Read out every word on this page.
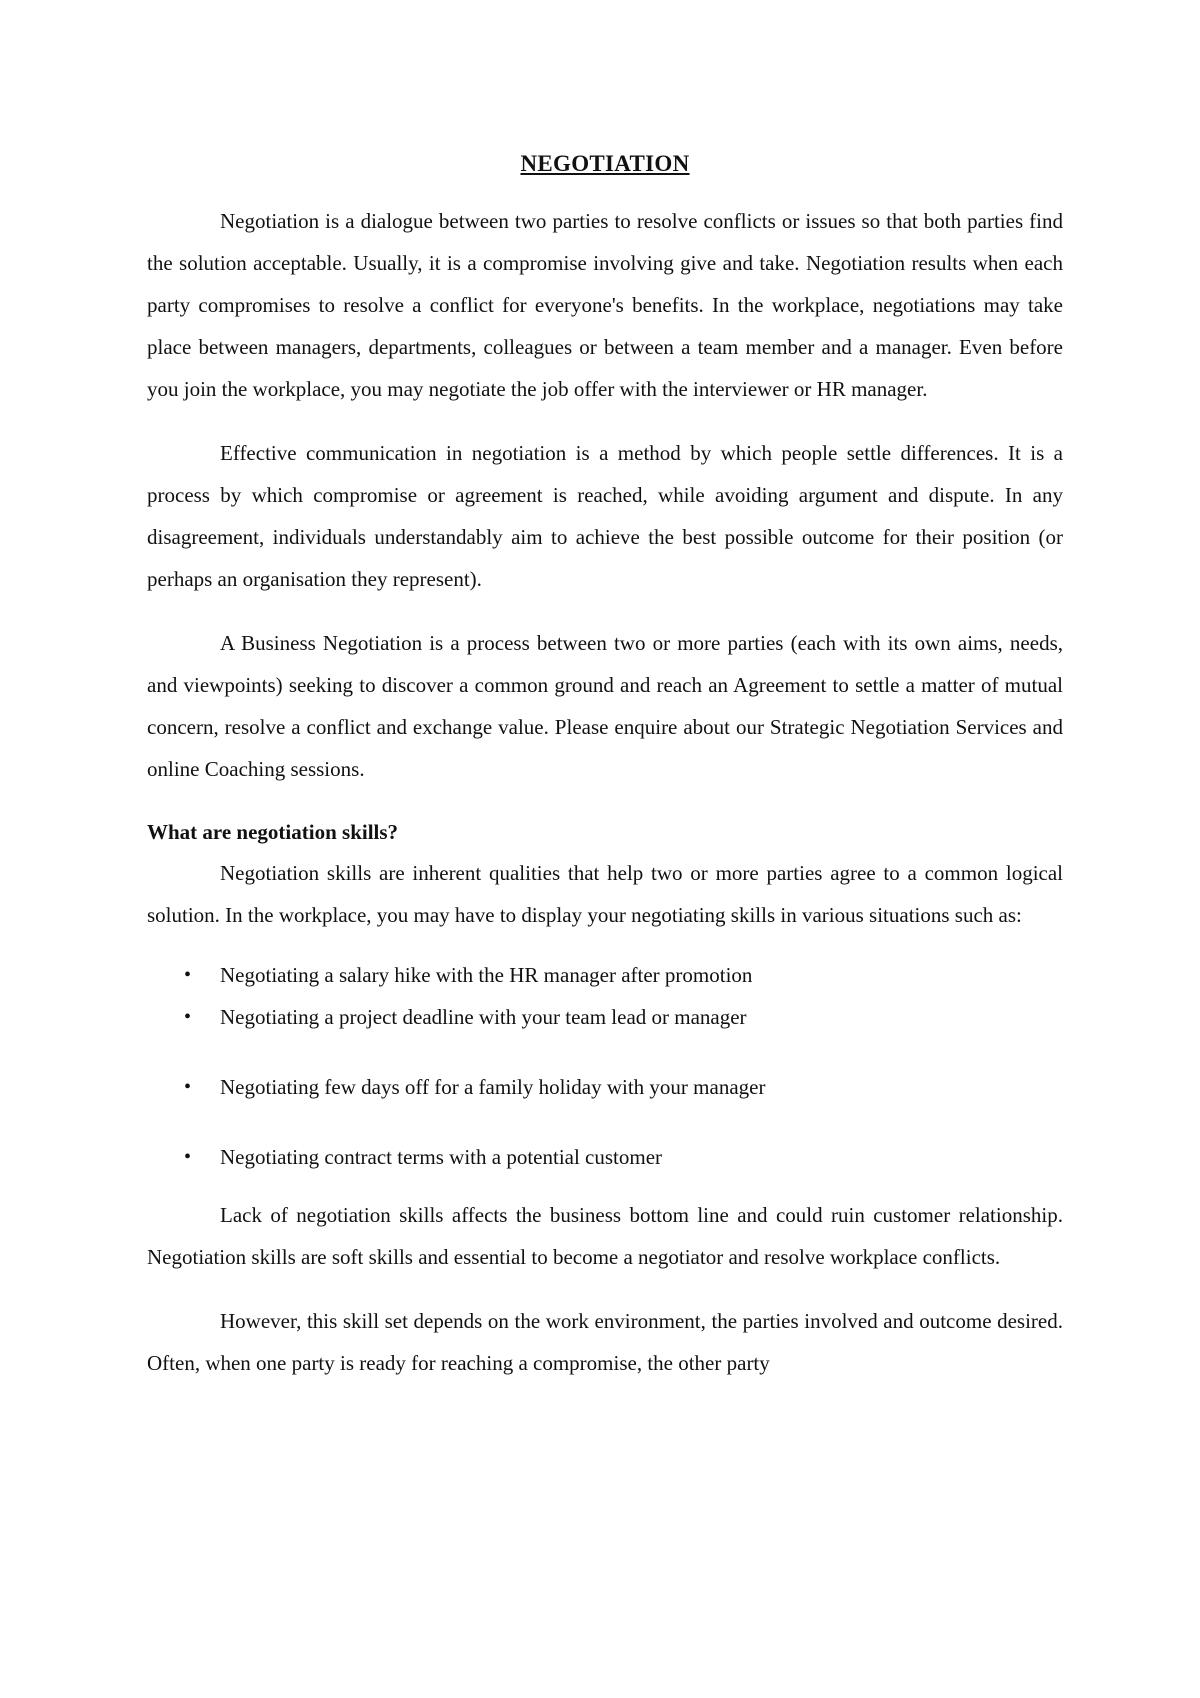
NEGOTIATION

Negotiation is a dialogue between two parties to resolve conflicts or issues so that both parties find the solution acceptable. Usually, it is a compromise involving give and take. Negotiation results when each party compromises to resolve a conflict for everyone's benefits. In the workplace, negotiations may take place between managers, departments, colleagues or between a team member and a manager. Even before you join the workplace, you may negotiate the job offer with the interviewer or HR manager.

Effective communication in negotiation is a method by which people settle differences. It is a process by which compromise or agreement is reached, while avoiding argument and dispute. In any disagreement, individuals understandably aim to achieve the best possible outcome for their position (or perhaps an organisation they represent).

A Business Negotiation is a process between two or more parties (each with its own aims, needs, and viewpoints) seeking to discover a common ground and reach an Agreement to settle a matter of mutual concern, resolve a conflict and exchange value. Please enquire about our Strategic Negotiation Services and online Coaching sessions.

What are negotiation skills?

Negotiation skills are inherent qualities that help two or more parties agree to a common logical solution. In the workplace, you may have to display your negotiating skills in various situations such as:

• Negotiating a salary hike with the HR manager after promotion
• Negotiating a project deadline with your team lead or manager
• Negotiating few days off for a family holiday with your manager
• Negotiating contract terms with a potential customer

Lack of negotiation skills affects the business bottom line and could ruin customer relationship. Negotiation skills are soft skills and essential to become a negotiator and resolve workplace conflicts.

However, this skill set depends on the work environment, the parties involved and outcome desired. Often, when one party is ready for reaching a compromise, the other party
